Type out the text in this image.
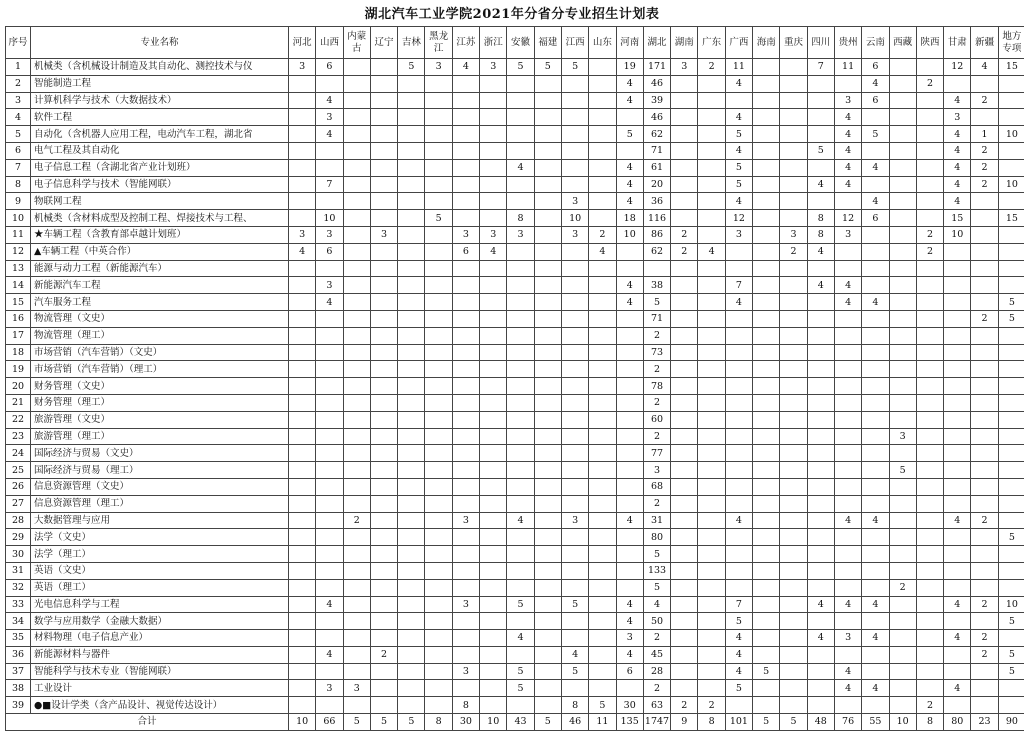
湖北汽车工业学院2021年分省分专业招生计划表
序号	专业名称	河北	山西	内蒙古	辽宁	吉林	黑龙江	江苏	浙江	安徽	福建	江西	山东	河南	湖北	湖南	广东	广西	海南	重庆	四川	贵州	云南	西藏	陕西	甘肃	新疆	地方专项
1	机械类（含机械设计制造及其自动化、测控技术与仪	3	6			5	3	4	3	5	5	5		19	171	3	2	11			7	11	6			12	4	15
2	智能制造工程													4	46			4					4		2			
3	计算机科学与技术（大数据技术）		4											4	39							3	6			4	2	
4	软件工程		3												46			4				4				3		
5	自动化（含机器人应用工程，电动汽车工程，湖北省		4											5	62			5				4	5			4	1	10
6	电气工程及其自动化														71			4			5	4				4	2	
7	电子信息工程（含湖北省产业计划班）									4				4	61			5				4	4			4	2	
8	电子信息科学与技术（智能网联）		7											4	20			5			4	4				4	2	10
9	物联网工程											3		4	36			4					4			4		
10	机械类（含材料成型及控制工程、焊接技术与工程、		10				5			8		10		18	116			12			8	12	6			15		15
11	★车辆工程（含教育部卓越计划班）	3	3		3			3	3	3		3	2	10	86	2		3		3	8	3			2	10		
12	▲车辆工程（中英合作）	4	6					6	4				4		62	2	4			2	4				2			
13	能源与动力工程（新能源汽车）																											
14	新能源汽车工程		3											4	38			7			4	4						
15	汽车服务工程		4											4	5			4				4	4					5
16	物流管理（文史）														71												2	5
17	物流管理（理工）														2													
18	市场营销（汽车营销）（文史）														73													
19	市场营销（汽车营销）（理工）														2													
20	财务管理（文史）														78													
21	财务管理（理工）														2													
22	旅游管理（文史）														60													
23	旅游管理（理工）														2									3				
24	国际经济与贸易（文史）														77													
25	国际经济与贸易（理工）														3									5				
26	信息资源管理（文史）														68													
27	信息资源管理（理工）														2													
28	大数据管理与应用			2				3		4		3		4	31			4				4	4			4	2	
29	法学（文史）														80													5
30	法学（理工）														5													
31	英语（文史）														133													
32	英语（理工）														5									2				
33	光电信息科学与工程		4					3		5		5		4	4			7			4	4	4			4	2	10
34	数学与应用数学（金融大数据）													4	50			5										5
35	材料物理（电子信息产业）									4				3	2			4			4	3	4			4	2	
36	新能源材料与器件		4		2							4		4	45			4									2	5
37	智能科学与技术专业（智能网联）							3		5		5		6	28			4	5			4						5
38	工业设计		3	3						5					2			5				4	4			4		
39	●■设计学类（含产品设计、视觉传达设计）							8				8	5	30	63	2	2								2			
合计		10	66	5	5	5	8	30	10	43	5	46	11	135	1747	9	8	101	5	5	48	76	55	10	8	80	23	90
